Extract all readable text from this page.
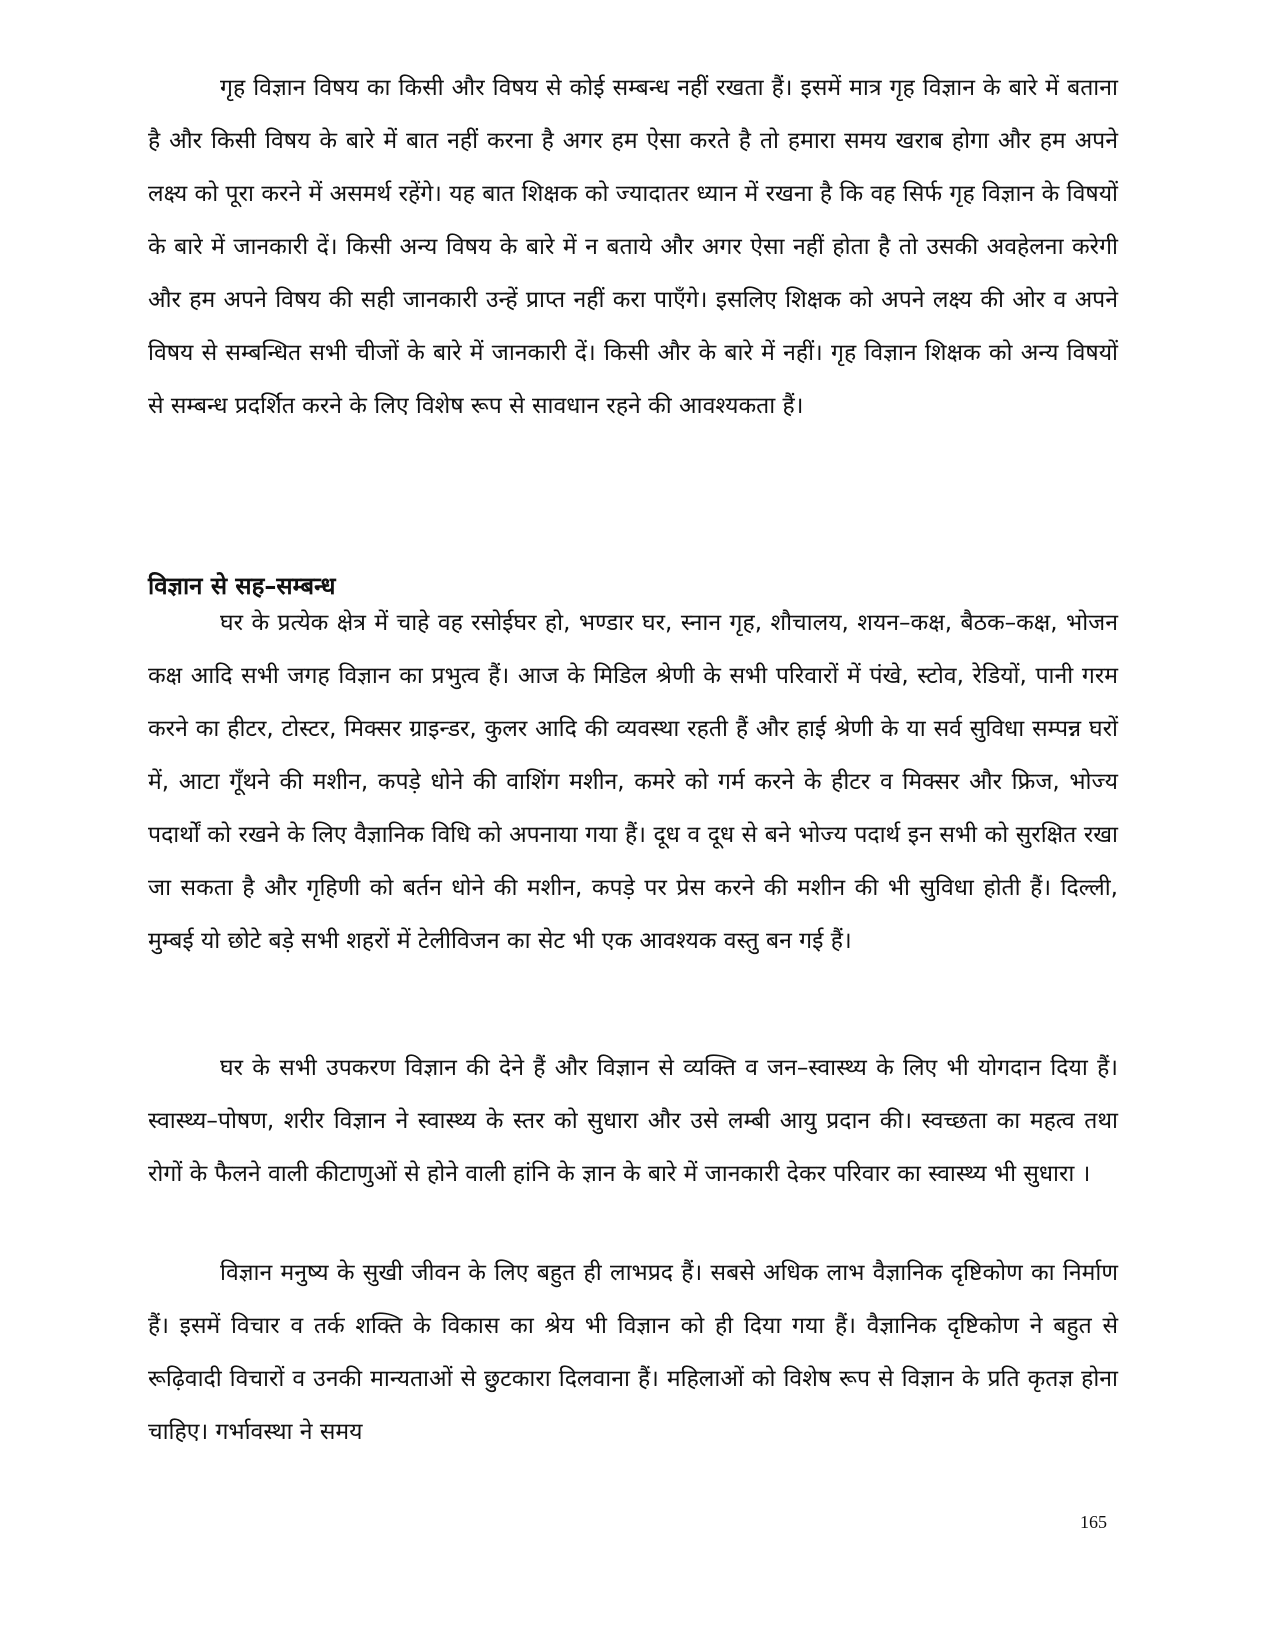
गृह विज्ञान विषय का किसी और विषय से कोई सम्बन्ध नहीं रखता हैं। इसमें मात्र गृह विज्ञान के बारे में बताना है और किसी विषय के बारे में बात नहीं करना है अगर हम ऐसा करते है तो हमारा समय खराब होगा और हम अपने लक्ष्य को पूरा करने में असमर्थ रहेंगे। यह बात शिक्षक को ज्यादातर ध्यान में रखना है कि वह सिर्फ गृह विज्ञान के विषयों के बारे में जानकारी दें। किसी अन्य विषय के बारे में न बताये और अगर ऐसा नहीं होता है तो उसकी अवहेलना करेगी और हम अपने विषय की सही जानकारी उन्हें प्राप्त नहीं करा पाएँगे। इसलिए शिक्षक को अपने लक्ष्य की ओर व अपने विषय से सम्बन्धित सभी चीजों के बारे में जानकारी दें। किसी और के बारे में नहीं। गृह विज्ञान शिक्षक को अन्य विषयों से सम्बन्ध प्रदर्शित करने के लिए विशेष रूप से सावधान रहने की आवश्यकता हैं।

विज्ञान से सह–सम्बन्ध

घर के प्रत्येक क्षेत्र में चाहे वह रसोईघर हो, भण्डार घर, स्नान गृह, शौचालय, शयन–कक्ष, बैठक–कक्ष, भोजन कक्ष आदि सभी जगह विज्ञान का प्रभुत्व हैं। आज के मिडिल श्रेणी के सभी परिवारों में पंखे, स्टोव, रेडियों, पानी गरम करने का हीटर, टोस्टर, मिक्सर ग्राइन्डर, कुलर आदि की व्यवस्था रहती हैं और हाई श्रेणी के या सर्व सुविधा सम्पन्न घरों में, आटा गूँथने की मशीन, कपड़े धोने की वाशिंग मशीन, कमरे को गर्म करने के हीटर व मिक्सर और फ्रिज, भोज्य पदार्थों को रखने के लिए वैज्ञानिक विधि को अपनाया गया हैं। दूध व दूध से बने भोज्य पदार्थ इन सभी को सुरक्षित रखा जा सकता है और गृहिणी को बर्तन धोने की मशीन, कपड़े पर प्रेस करने की मशीन की भी सुविधा होती हैं। दिल्ली, मुम्बई यो छोटे बड़े सभी शहरों में टेलीविजन का सेट भी एक आवश्यक वस्तु बन गई हैं।

घर के सभी उपकरण विज्ञान की देने हैं और विज्ञान से व्यक्ति व जन–स्वास्थ्य के लिए भी योगदान दिया हैं। स्वास्थ्य–पोषण, शरीर विज्ञान ने स्वास्थ्य के स्तर को सुधारा और उसे लम्बी आयु प्रदान की। स्वच्छता का महत्व तथा रोगों के फैलने वाली कीटाणुओं से होने वाली हांनि के ज्ञान के बारे में जानकारी देकर परिवार का स्वास्थ्य भी सुधारा ।

विज्ञान मनुष्य के सुखी जीवन के लिए बहुत ही लाभप्रद हैं। सबसे अधिक लाभ वैज्ञानिक दृष्टिकोण का निर्माण हैं। इसमें विचार व तर्क शक्ति के विकास का श्रेय भी विज्ञान को ही दिया गया हैं। वैज्ञानिक दृष्टिकोण ने बहुत से रूढ़िवादी विचारों व उनकी मान्यताओं से छुटकारा दिलवाना हैं। महिलाओं को विशेष रूप से विज्ञान के प्रति कृतज्ञ होना चाहिए। गर्भावस्था ने समय

165
